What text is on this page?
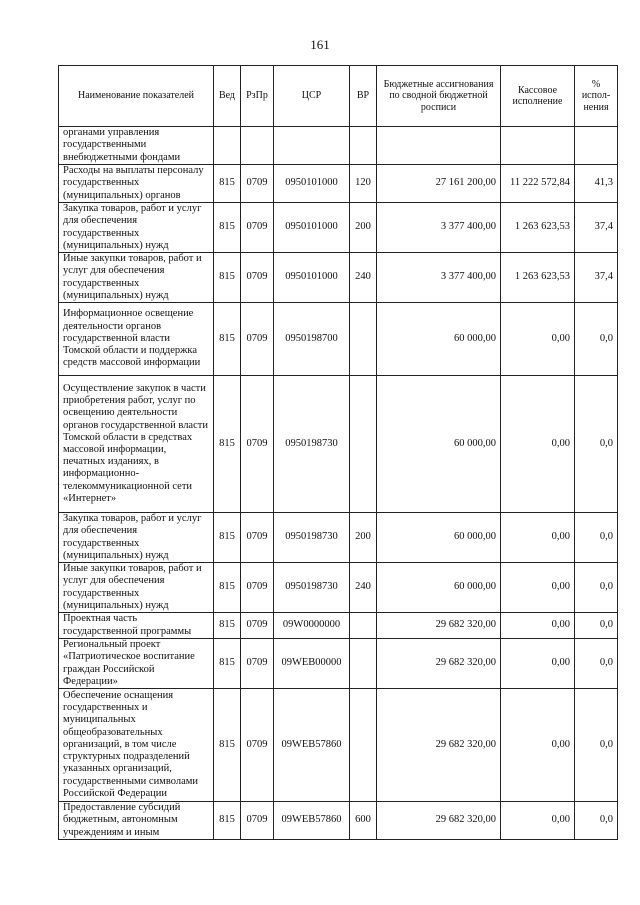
161
Наименование показателей	Вед	РзПр	ЦСР	ВР	Бюджетные ассигнования по сводной бюджетной росписи	Кассовое исполнение	% испол-нения
органами управления государственными внебюджетными фондами							
Расходы на выплаты персоналу государственных (муниципальных) органов	815	0709	0950101000	120	27 161 200,00	11 222 572,84	41,3
Закупка товаров, работ и услуг для обеспечения государственных (муниципальных) нужд	815	0709	0950101000	200	3 377 400,00	1 263 623,53	37,4
Иные закупки товаров, работ и услуг для обеспечения государственных (муниципальных) нужд	815	0709	0950101000	240	3 377 400,00	1 263 623,53	37,4
Информационное освещение деятельности органов государственной власти Томской области и поддержка средств массовой информации	815	0709	0950198700		60 000,00	0,00	0,0
Осуществление закупок в части приобретения работ, услуг по освещению деятельности органов государственной власти Томской области в средствах массовой информации, печатных изданиях, в информационно-телекоммуникационной сети «Интернет»	815	0709	0950198730		60 000,00	0,00	0,0
Закупка товаров, работ и услуг для обеспечения государственных (муниципальных) нужд	815	0709	0950198730	200	60 000,00	0,00	0,0
Иные закупки товаров, работ и услуг для обеспечения государственных (муниципальных) нужд	815	0709	0950198730	240	60 000,00	0,00	0,0
Проектная часть государственной программы	815	0709	09W0000000		29 682 320,00	0,00	0,0
Региональный проект «Патриотическое воспитание граждан Российской Федерации»	815	0709	09WEB00000		29 682 320,00	0,00	0,0
Обеспечение оснащения государственных и муниципальных общеобразовательных организаций, в том числе структурных подразделений указанных организаций, государственными символами Российской Федерации	815	0709	09WEB57860		29 682 320,00	0,00	0,0
Предоставление субсидий бюджетным, автономным учреждениям и иным	815	0709	09WEB57860	600	29 682 320,00	0,00	0,0
